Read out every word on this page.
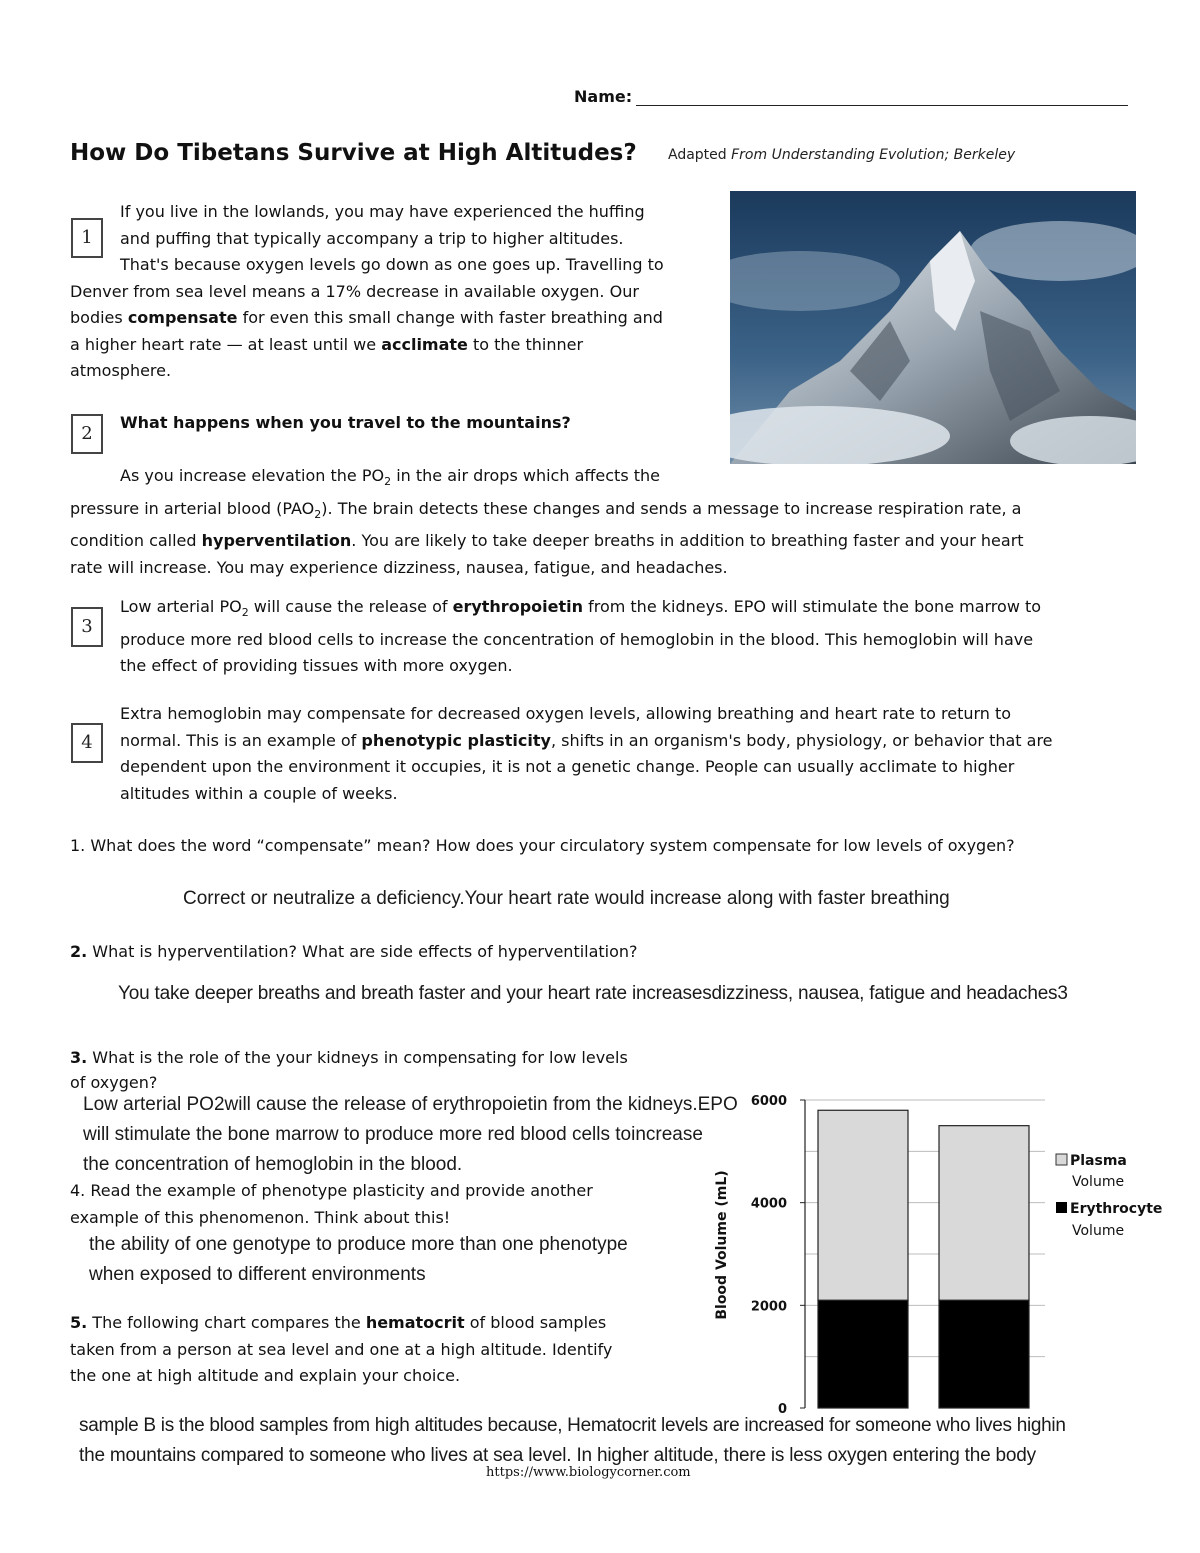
Name:
How Do Tibetans Survive at High Altitudes? Adapted From Understanding Evolution; Berkeley
1
If you live in the lowlands, you may have experienced the huffing
and puffing that typically accompany a trip to higher altitudes.
That's because oxygen levels go down as one goes up. Travelling to
Denver from sea level means a 17% decrease in available oxygen. Our
bodies compensate for even this small change with faster breathing and
a higher heart rate — at least until we acclimate to the thinner
atmosphere.
2
What happens when you travel to the mountains?
As you increase elevation the $PO_2$ in the air drops which affects the
pressure in arterial blood $(PAO_2)$. The brain detects these changes and sends a message to increase respiration rate, a
condition called hyperventilation. You are likely to take deeper breaths in addition to breathing faster and your heart
rate will increase. You may experience dizziness, nausea, fatigue, and headaches.
3
Low arterial $PO_2$ will cause the release of erythropoietin from the kidneys. EPO will stimulate the bone marrow to
produce more red blood cells to increase the concentration of hemoglobin in the blood. This hemoglobin will have
the effect of providing tissues with more oxygen.
4
Extra hemoglobin may compensate for decreased oxygen levels, allowing breathing and heart rate to return to
normal. This is an example of phenotypic plasticity, shifts in an organism's body, physiology, or behavior that are
dependent upon the environment it occupies, it is not a genetic change. People can usually acclimate to higher
altitudes within a couple of weeks.
1. What does the word “compensate” mean? How does your circulatory system compensate for low levels of oxygen?
Correct or neutralize a deficiency.Your heart rate would increase along with faster breathing
2. What is hyperventilation? What are side effects of hyperventilation?
You take deeper breaths and breath faster and your heart rate increasesdizziness, nausea, fatigue and headaches3
3. What is the role of the your kidneys in compensating for low levels
of oxygen?
Low arterial PO2will cause the release of erythropoietin from the kidneys.EPO
will stimulate the bone marrow to produce more red blood cells toincrease
the concentration of hemoglobin in the blood.
4. Read the example of phenotype plasticity and provide another
example of this phenomenon. Think about this!
the ability of one genotype to produce more than one phenotype
when exposed to different environments
5. The following chart compares the hematocrit of blood samples
taken from a person at sea level and one at a high altitude. Identify
the one at high altitude and explain your choice.
0
2000
4000
6000
Blood Volume (mL)
Plasma
Volume
Erythrocyte
Volume
sample B is the blood samples from high altitudes because, Hematocrit levels are increased for someone who lives highin
the mountains compared to someone who lives at sea level. In higher altitude, there is less oxygen entering the body
https://www.biologycorner.com
